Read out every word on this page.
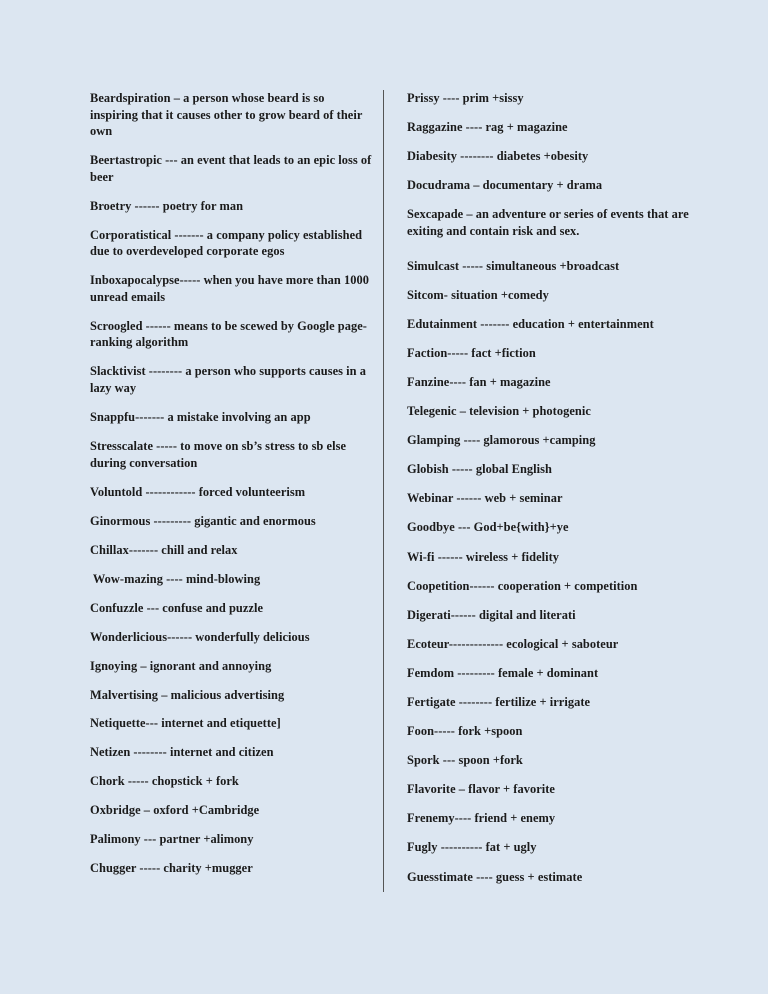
Beardspiration – a person whose beard is so inspiring that it causes other to grow beard of their own
Beertastropic --- an event that leads to an epic loss of beer
Broetry ------ poetry for man
Corporatistical ------- a company policy established due to overdeveloped corporate egos
Inboxapocalypse----- when you have more than 1000 unread emails
Scroogled ------ means to be scewed by Google page- ranking algorithm
Slacktivist -------- a person who supports causes in a lazy way
Snappfu------- a mistake involving an app
Stresscalate ----- to move on sb’s stress to sb else during conversation
Voluntold ------------ forced volunteerism
Ginormous --------- gigantic and enormous
Chillax------- chill and relax
Wow-mazing ---- mind-blowing
Confuzzle --- confuse and puzzle
Wonderlicious------ wonderfully delicious
Ignoying – ignorant and annoying
Malvertising – malicious advertising
Netiquette--- internet and etiquette]
Netizen -------- internet and citizen
Chork ----- chopstick + fork
Oxbridge – oxford +Cambridge
Palimony --- partner +alimony
Chugger ----- charity +mugger
Prissy ---- prim +sissy
Raggazine ---- rag + magazine
Diabesity -------- diabetes +obesity
Docudrama – documentary + drama
Sexcapade – an adventure or series of events that are exiting and contain risk and sex.
Simulcast ----- simultaneous +broadcast
Sitcom- situation +comedy
Edutainment ------- education + entertainment
Faction----- fact +fiction
Fanzine---- fan + magazine
Telegenic – television + photogenic
Glamping ---- glamorous +camping
Globish ----- global English
Webinar ------ web + seminar
Goodbye --- God+be{with}+ye
Wi-fi ------ wireless + fidelity
Coopetition------ cooperation + competition
Digerati------ digital and literati
Ecoteur------------- ecological + saboteur
Femdom --------- female + dominant
Fertigate -------- fertilize + irrigate
Foon----- fork +spoon
Spork --- spoon +fork
Flavorite – flavor + favorite
Frenemy---- friend + enemy
Fugly ---------- fat + ugly
Guesstimate ---- guess + estimate
